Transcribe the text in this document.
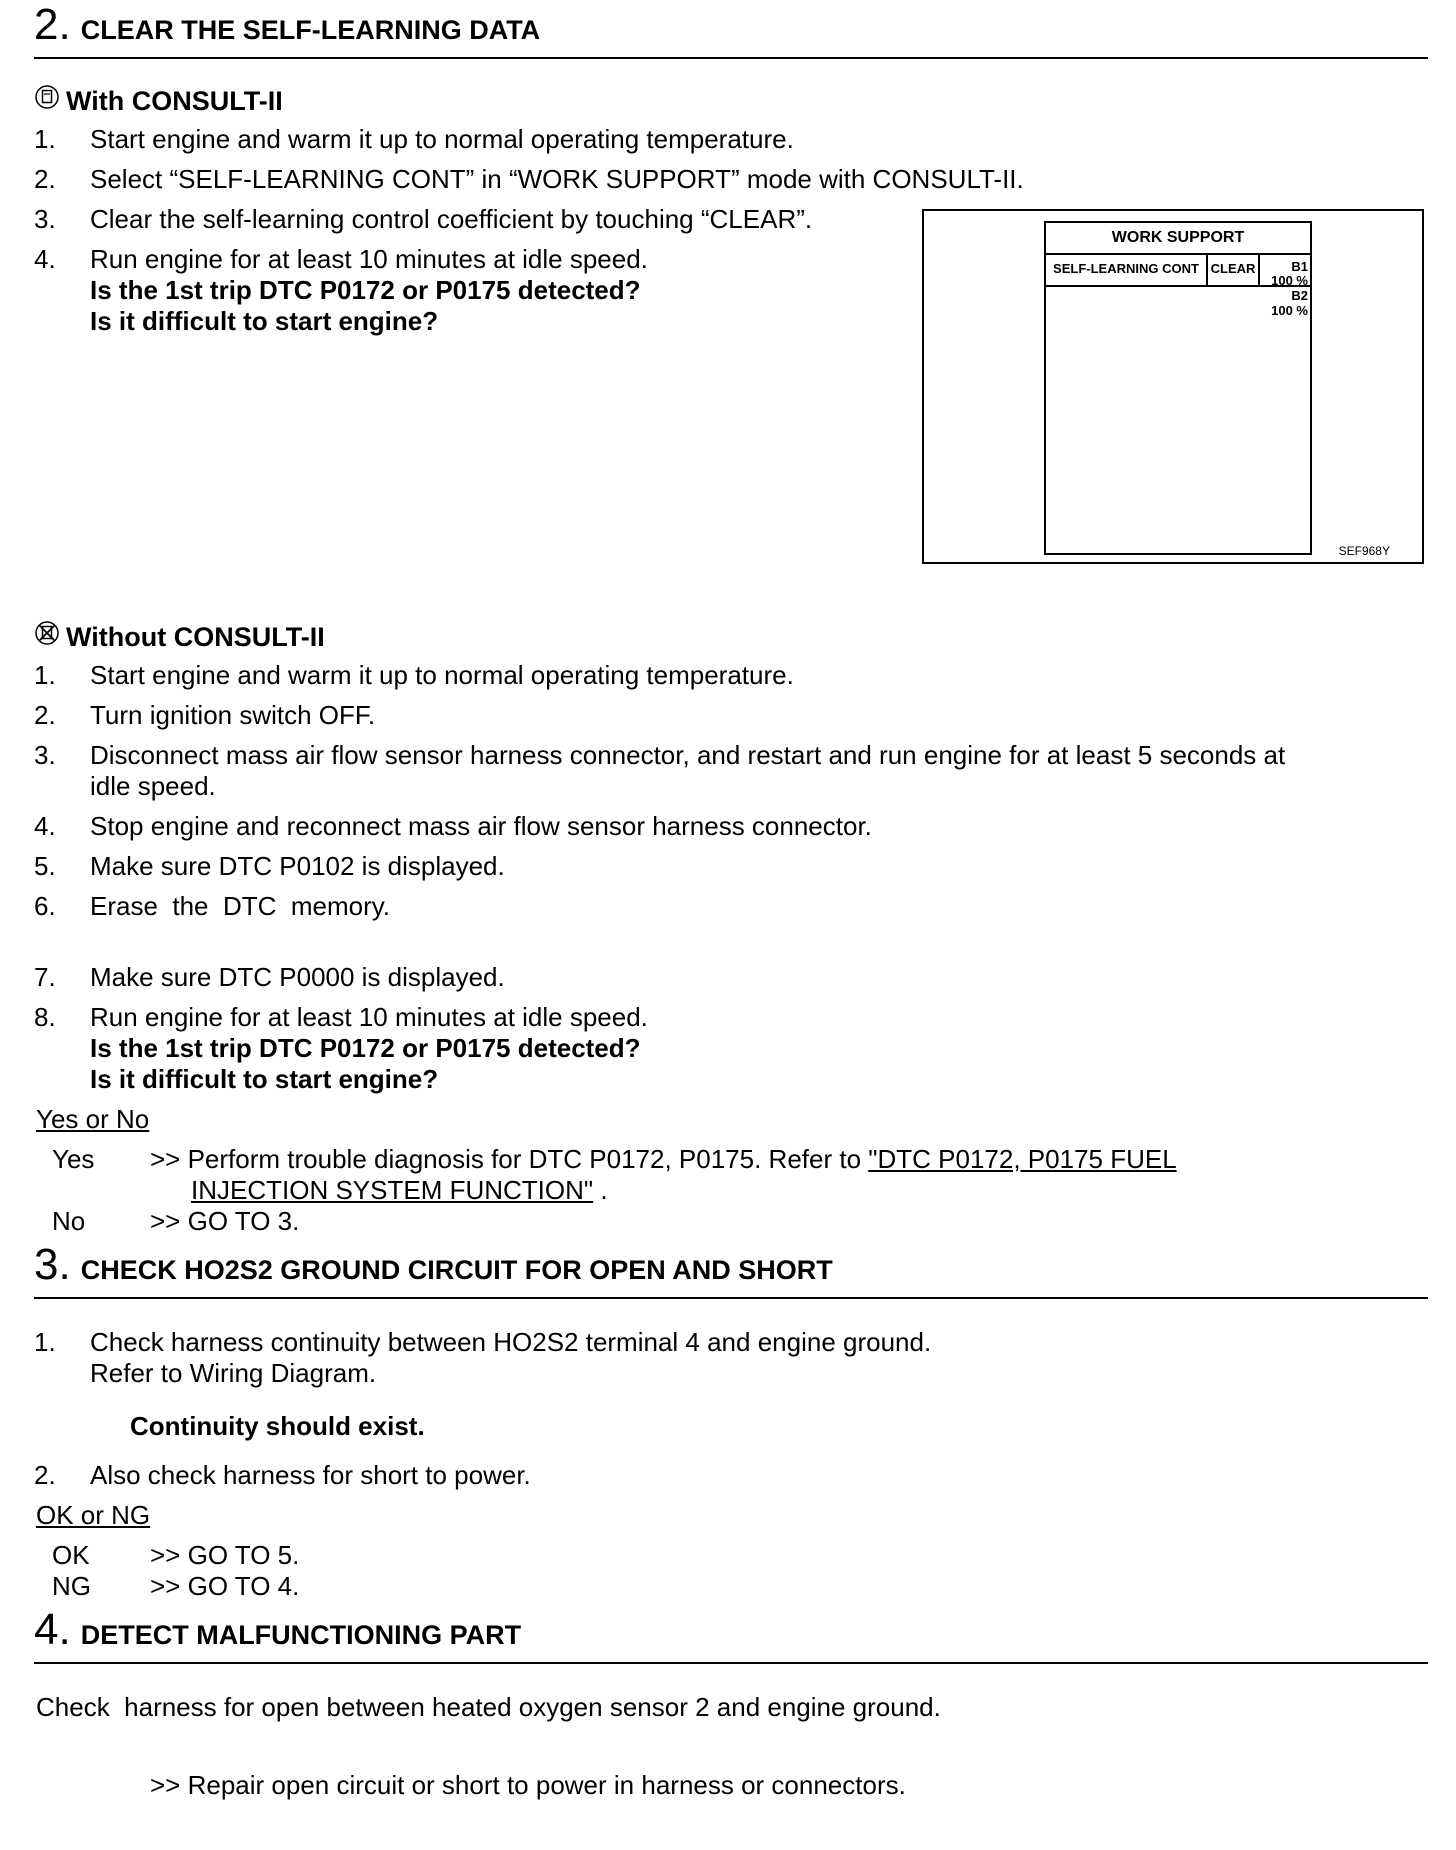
2. CLEAR THE SELF-LEARNING DATA
With CONSULT-II
1. Start engine and warm it up to normal operating temperature.
2. Select “SELF-LEARNING CONT” in “WORK SUPPORT” mode with CONSULT-II.
3. Clear the self-learning control coefficient by touching “CLEAR”.
4. Run engine for at least 10 minutes at idle speed.
Is the 1st trip DTC P0172 or P0175 detected?
Is it difficult to start engine?
WORK SUPPORT
SELF-LEARNING CONT CLEAR	B1
100 %
B2
100 %
SEF968Y
Without CONSULT-II
1. Start engine and warm it up to normal operating temperature.
2. Turn ignition switch OFF.
3. Disconnect mass air flow sensor harness connector, and restart and run engine for at least 5 seconds at
idle speed.
4. Stop engine and reconnect mass air flow sensor harness connector.
5. Make sure DTC P0102 is displayed.
6. Erase  the  DTC  memory.
7. Make sure DTC P0000 is displayed.
8. Run engine for at least 10 minutes at idle speed.
Is the 1st trip DTC P0172 or P0175 detected?
Is it difficult to start engine?
Yes or No
Yes >> Perform trouble diagnosis for DTC P0172, P0175. Refer to "DTC P0172, P0175 FUEL
INJECTION SYSTEM FUNCTION" .
No >> GO TO 3.
3. CHECK HO2S2 GROUND CIRCUIT FOR OPEN AND SHORT
1. Check harness continuity between HO2S2 terminal 4 and engine ground.
Refer to Wiring Diagram.
Continuity should exist.
2. Also check harness for short to power.
OK or NG
OK >> GO TO 5.
NG >> GO TO 4.
4. DETECT MALFUNCTIONING PART
Check  harness for open between heated oxygen sensor 2 and engine ground.
>> Repair open circuit or short to power in harness or connectors.
